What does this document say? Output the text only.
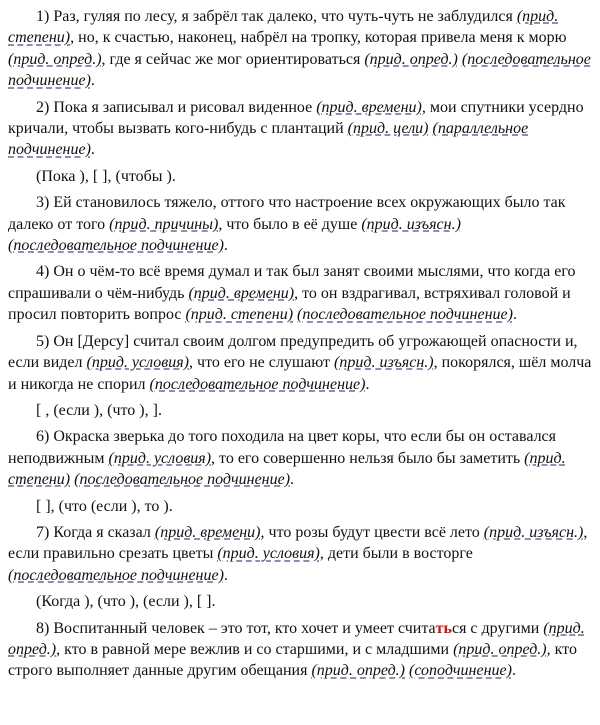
1) Раз, гуляя по лесу, я забрёл так далеко, что чуть-чуть не заблудился (прид. степени), но, к счастью, наконец, набрёл на тропку, которая привела меня к морю (прид. опред.), где я сейчас же мог ориентироваться (прид. опред.) (последовательное подчинение).

2) Пока я записывал и рисовал виденное (прид. времени), мои спутники усердно кричали, чтобы вызвать кого-нибудь с плантаций (прид. цели) (параллельное подчинение).

(Пока ), [ ], (чтобы ).

3) Ей становилось тяжело, оттого что настроение всех окружающих было так далеко от того (прид. причины), что было в её душе (прид. изъясн.) (последовательное подчинение).

4) Он о чём-то всё время думал и так был занят своими мыслями, что когда его спрашивали о чём-нибудь (прид. времени), то он вздрагивал, встряхивал головой и просил повторить вопрос (прид. степени) (последовательное подчинение).

5) Он [Дерсу] считал своим долгом предупредить об угрожающей опасности и, если видел (прид. условия), что его не слушают (прид. изъясн.), покорялся, шёл молча и никогда не спорил (последовательное подчинение).

[ , (если ), (что ), ].

6) Окраска зверька до того походила на цвет коры, что если бы он оставался неподвижным (прид. условия), то его совершенно нельзя было бы заметить (прид. степени) (последовательное подчинение).

[ ], (что (если ), то ).

7) Когда я сказал (прид. времени), что розы будут цвести всё лето (прид. изъясн.), если правильно срезать цветы (прид. условия), дети были в восторге (последовательное подчинение).

(Когда ), (что ), (если ), [ ].

8) Воспитанный человек – это тот, кто хочет и умеет считаться с другими (прид. опред.), кто в равной мере вежлив и со старшими, и с младшими (прид. опред.), кто строго выполняет данные другим обещания (прид. опред.) (соподчинение).
